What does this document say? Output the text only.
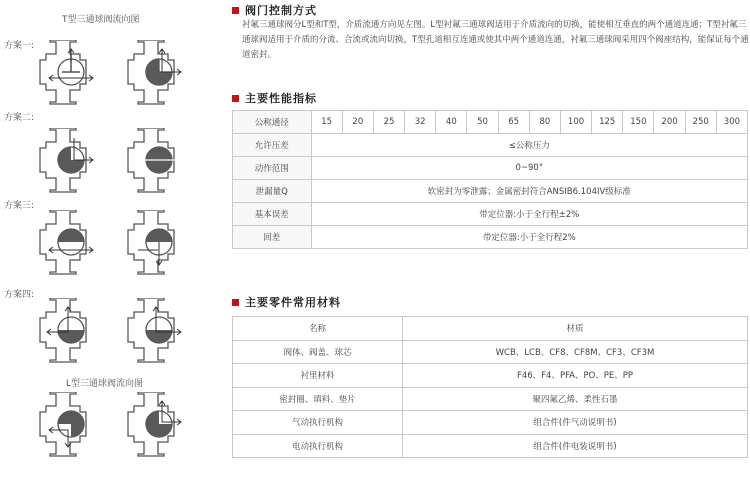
T型三通球阀流向图
方案一:
方案二:
方案三:
方案四:
L型三通球阀流向图
阀门控制方式
衬氟三通球阀分L型和T型，介质流通方向见左图。L型衬氟三通球阀适用于介质流向的切换，能使相互垂直的两个通道连通；T型衬氟三通球阀适用于介质的分流、合流或流向切换，T型孔道相互连通或使其中两个通道连通，衬氟三通球阀采用四个阀座结构，能保证每个通道密封。
主要性能指标
公称通径	15	20	25	32	40	50	65	80	100	125	150	200	250	300
允许压差	≤公称压力													
动作范围	0~90°													
泄漏量Q	软密封为零泄露；金属密封符合ANSIB6.104IV级标准													
基本误差	带定位器:小于全行程±2%													
回差	带定位器:小于全行程2%													
主要零件常用材料
名称	材质
阀体、阀盖、球芯	WCB、LCB、CF8、CF8M、CF3、CF3M
衬里材料	F46、F4、PFA、PO、PE、PP
密封圈、填料、垫片	聚四氟乙烯、柔性石墨
气动执行机构	组合件(件气动说明书)
电动执行机构	组合件(件电装说明书)
